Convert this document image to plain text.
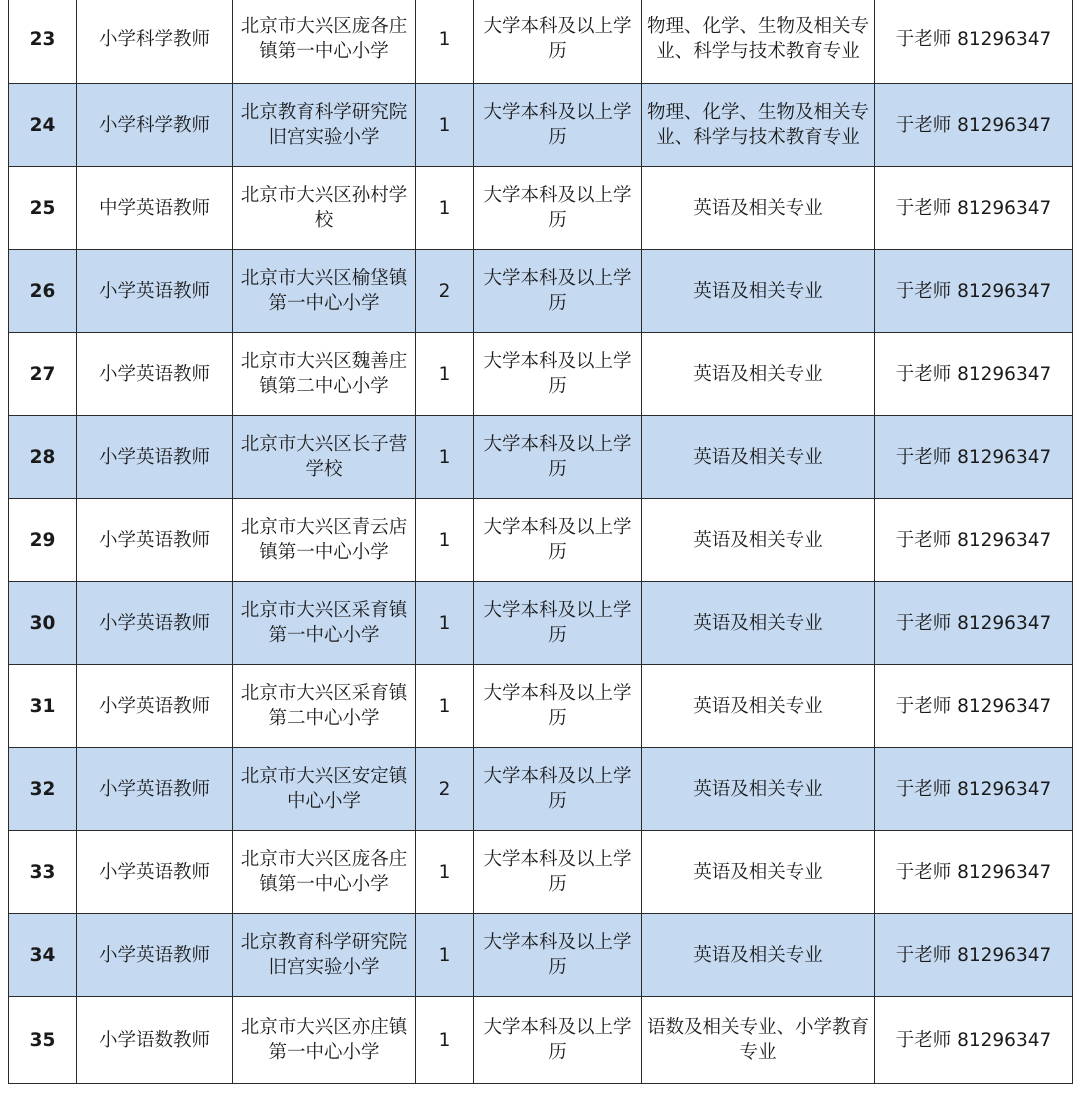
23	小学科学教师	北京市大兴区庞各庄镇第一中心小学	1	大学本科及以上学历	物理、化学、生物及相关专业、科学与技术教育专业	于老师 81296347
24	小学科学教师	北京教育科学研究院旧宫实验小学	1	大学本科及以上学历	物理、化学、生物及相关专业、科学与技术教育专业	于老师 81296347
25	中学英语教师	北京市大兴区孙村学校	1	大学本科及以上学历	英语及相关专业	于老师 81296347
26	小学英语教师	北京市大兴区榆垡镇第一中心小学	2	大学本科及以上学历	英语及相关专业	于老师 81296347
27	小学英语教师	北京市大兴区魏善庄镇第二中心小学	1	大学本科及以上学历	英语及相关专业	于老师 81296347
28	小学英语教师	北京市大兴区长子营学校	1	大学本科及以上学历	英语及相关专业	于老师 81296347
29	小学英语教师	北京市大兴区青云店镇第一中心小学	1	大学本科及以上学历	英语及相关专业	于老师 81296347
30	小学英语教师	北京市大兴区采育镇第一中心小学	1	大学本科及以上学历	英语及相关专业	于老师 81296347
31	小学英语教师	北京市大兴区采育镇第二中心小学	1	大学本科及以上学历	英语及相关专业	于老师 81296347
32	小学英语教师	北京市大兴区安定镇中心小学	2	大学本科及以上学历	英语及相关专业	于老师 81296347
33	小学英语教师	北京市大兴区庞各庄镇第一中心小学	1	大学本科及以上学历	英语及相关专业	于老师 81296347
34	小学英语教师	北京教育科学研究院旧宫实验小学	1	大学本科及以上学历	英语及相关专业	于老师 81296347
35	小学语数教师	北京市大兴区亦庄镇第一中心小学	1	大学本科及以上学历	语数及相关专业、小学教育专业	于老师 81296347
